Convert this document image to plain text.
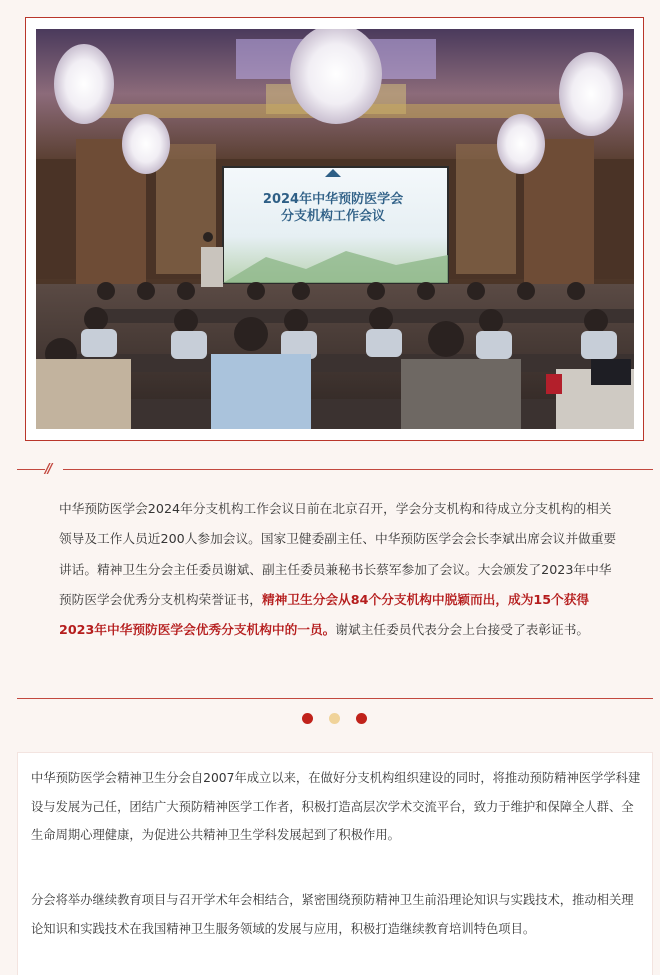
2024年中华预防医学会
分支机构工作会议
//
中华预防医学会2024年分支机构工作会议日前在北京召开，学会分支机构和待成立分支机构的相关领导及工作人员近200人参加会议。国家卫健委副主任、中华预防医学会会长李斌出席会议并做重要讲话。精神卫生分会主任委员谢斌、副主任委员兼秘书长蔡军参加了会议。大会颁发了2023年中华预防医学会优秀分支机构荣誉证书，精神卫生分会从84个分支机构中脱颖而出，成为15个获得2023年中华预防医学会优秀分支机构中的一员。谢斌主任委员代表分会上台接受了表彰证书。
中华预防医学会精神卫生分会自2007年成立以来，在做好分支机构组织建设的同时，将推动预防精神医学学科建设与发展为己任，团结广大预防精神医学工作者，积极打造高层次学术交流平台，致力于维护和保障全人群、全生命周期心理健康，为促进公共精神卫生学科发展起到了积极作用。
分会将举办继续教育项目与召开学术年会相结合，紧密围绕预防精神卫生前沿理论知识与实践技术，推动相关理论知识和实践技术在我国精神卫生服务领域的发展与应用，积极打造继续教育培训特色项目。
